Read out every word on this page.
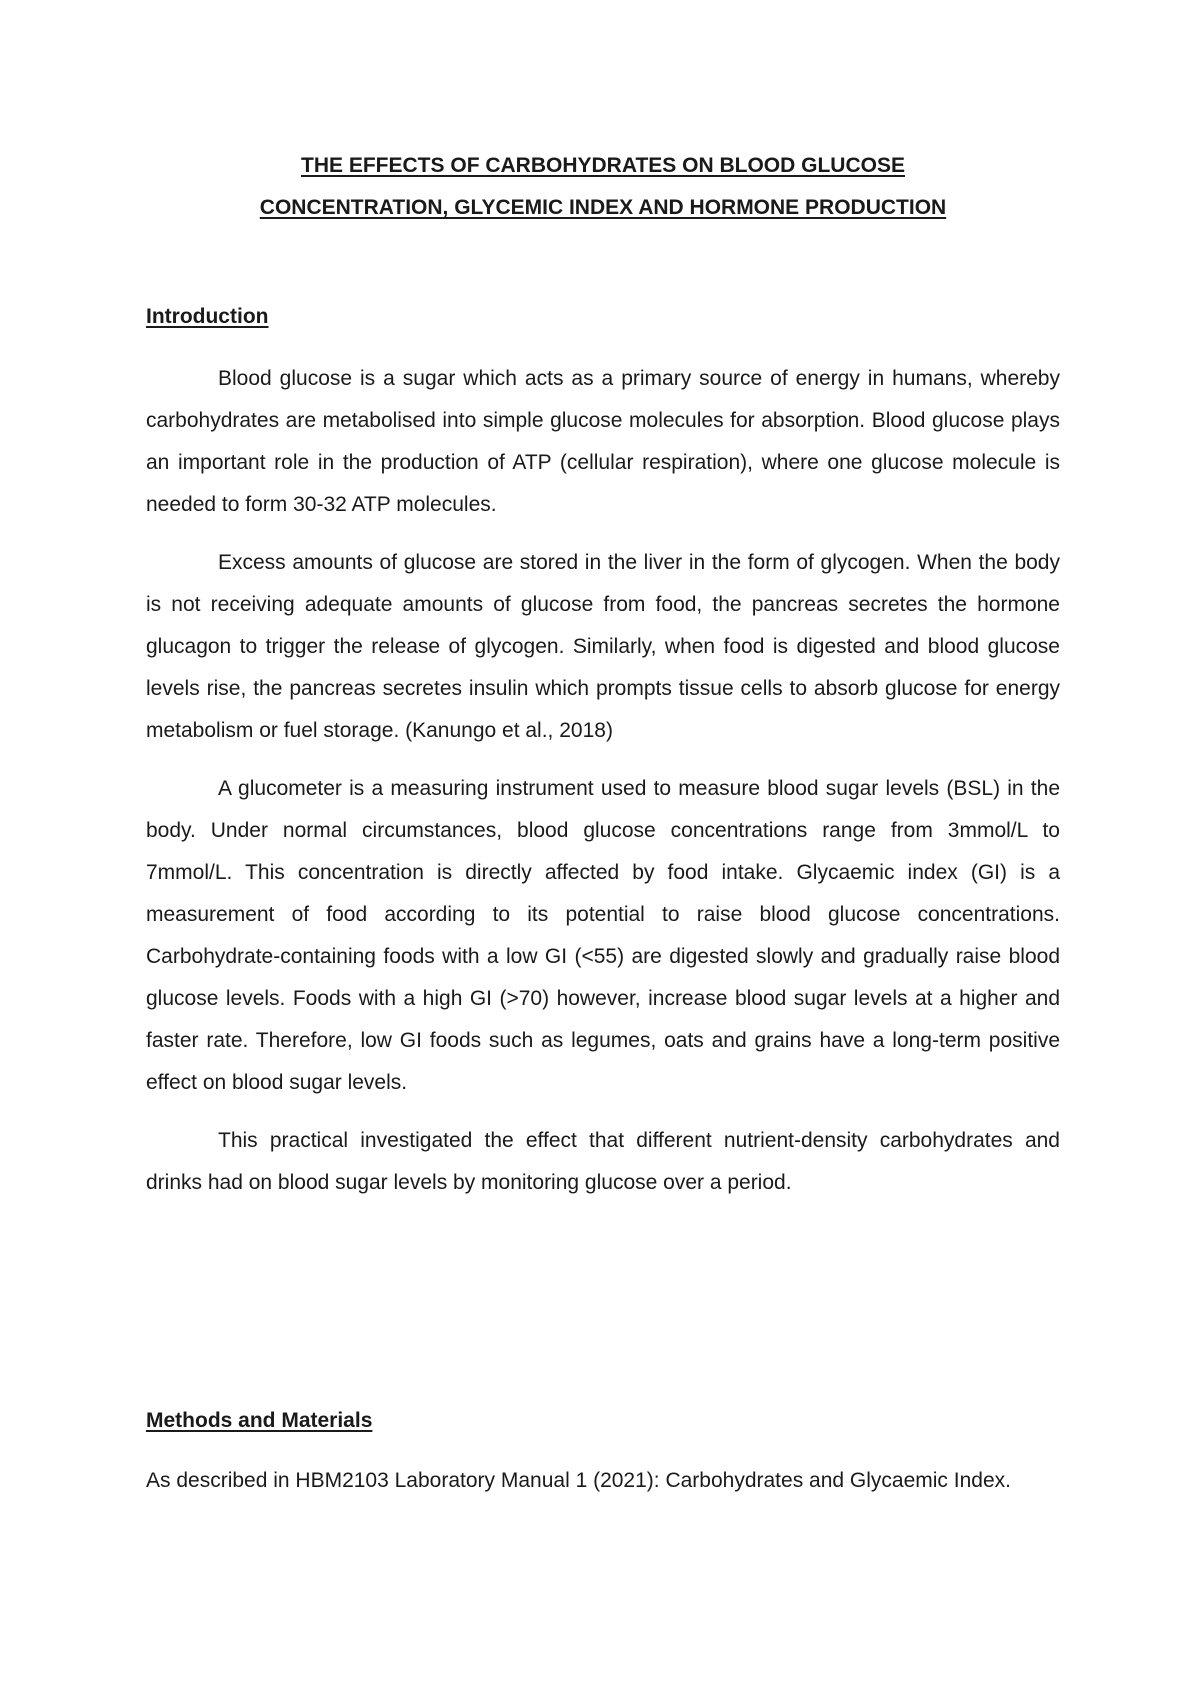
THE EFFECTS OF CARBOHYDRATES ON BLOOD GLUCOSE
CONCENTRATION, GLYCEMIC INDEX AND HORMONE PRODUCTION
Introduction

Blood glucose is a sugar which acts as a primary source of energy in humans, whereby carbohydrates are metabolised into simple glucose molecules for absorption. Blood glucose plays an important role in the production of ATP (cellular respiration), where one glucose molecule is needed to form 30-32 ATP molecules.

Excess amounts of glucose are stored in the liver in the form of glycogen. When the body is not receiving adequate amounts of glucose from food, the pancreas secretes the hormone glucagon to trigger the release of glycogen. Similarly, when food is digested and blood glucose levels rise, the pancreas secretes insulin which prompts tissue cells to absorb glucose for energy metabolism or fuel storage. (Kanungo et al., 2018)

A glucometer is a measuring instrument used to measure blood sugar levels (BSL) in the body. Under normal circumstances, blood glucose concentrations range from 3mmol/L to 7mmol/L. This concentration is directly affected by food intake. Glycaemic index (GI) is a measurement of food according to its potential to raise blood glucose concentrations. Carbohydrate-containing foods with a low GI (<55) are digested slowly and gradually raise blood glucose levels. Foods with a high GI (>70) however, increase blood sugar levels at a higher and faster rate. Therefore, low GI foods such as legumes, oats and grains have a long-term positive effect on blood sugar levels.

This practical investigated the effect that different nutrient-density carbohydrates and drinks had on blood sugar levels by monitoring glucose over a period.

Methods and Materials

As described in HBM2103 Laboratory Manual 1 (2021): Carbohydrates and Glycaemic Index.
